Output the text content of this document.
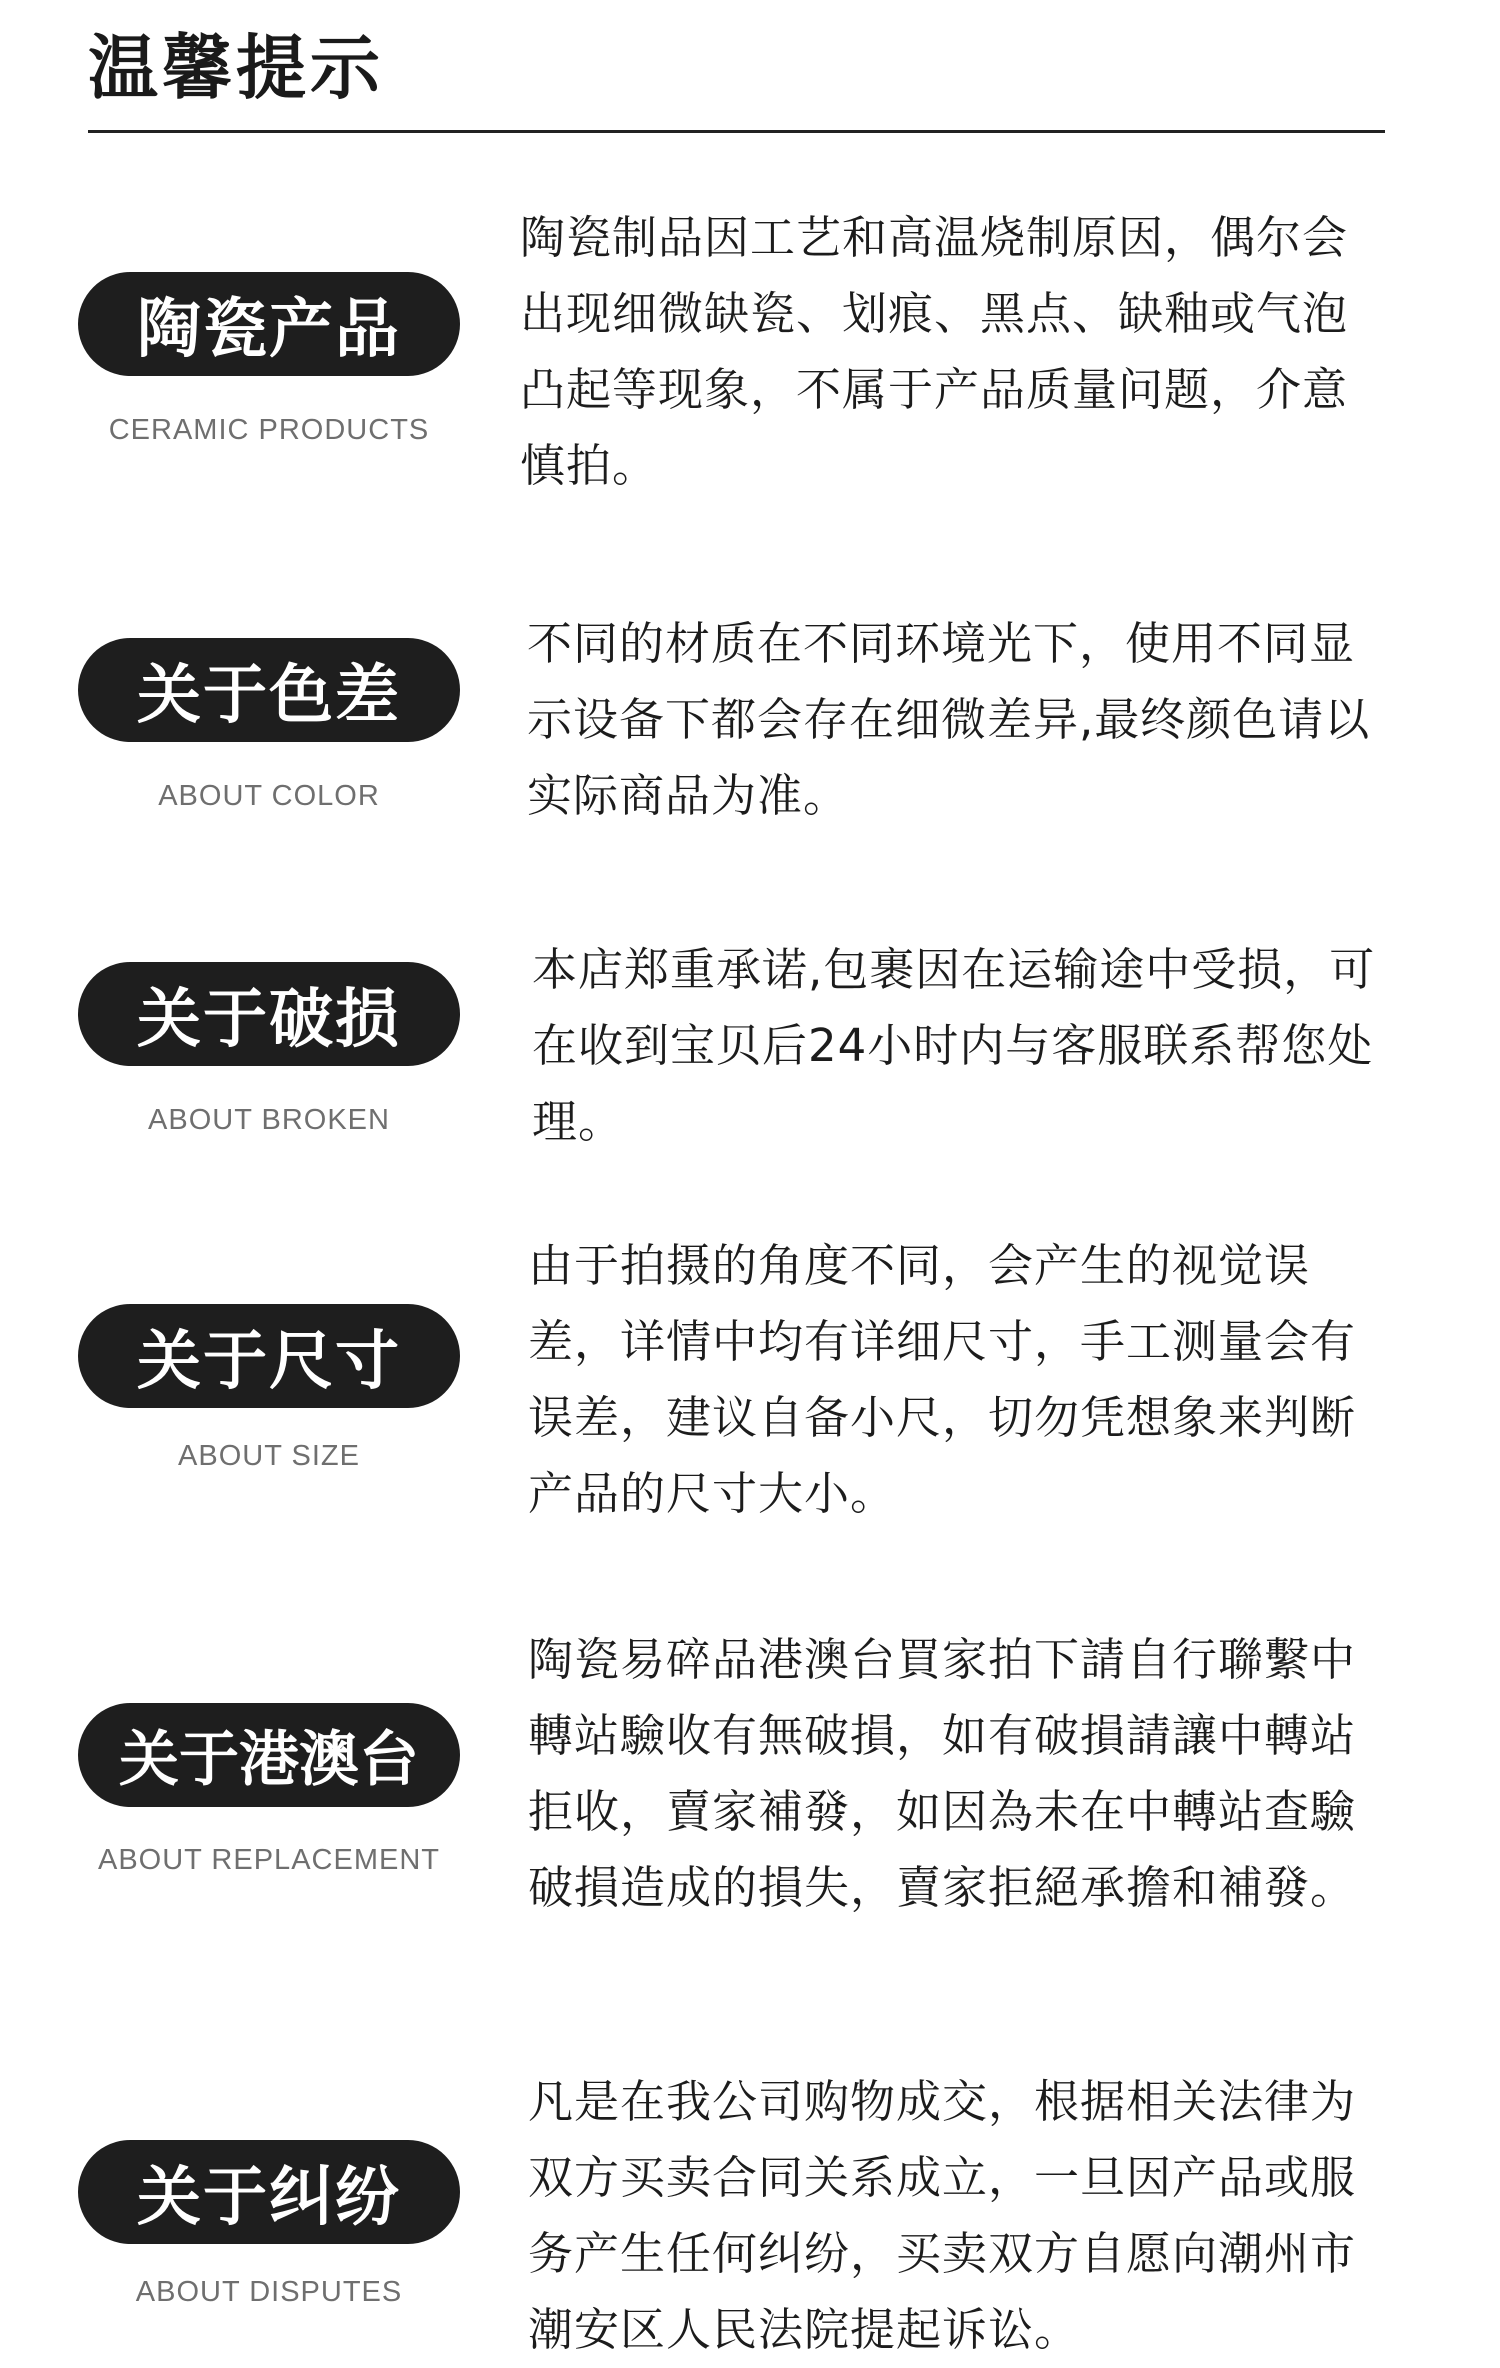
温馨提示
陶瓷产品
CERAMIC PRODUCTS
陶瓷制品因工艺和高温烧制原因，偶尔会出现细微缺瓷、划痕、黑点、缺釉或气泡凸起等现象，不属于产品质量问题，介意慎拍。
关于色差
ABOUT COLOR
不同的材质在不同环境光下，使用不同显示设备下都会存在细微差异,最终颜色请以实际商品为准。
关于破损
ABOUT BROKEN
本店郑重承诺,包裹因在运输途中受损，可在收到宝贝后24小时内与客服联系帮您处理。
关于尺寸
ABOUT SIZE
由于拍摄的角度不同，会产生的视觉误差，详情中均有详细尺寸，手工测量会有误差，建议自备小尺，切勿凭想象来判断产品的尺寸大小。
关于港澳台
ABOUT REPLACEMENT
陶瓷易碎品港澳台買家拍下請自行聯繫中轉站驗收有無破損，如有破損請讓中轉站拒收，賣家補發，如因為未在中轉站查驗破損造成的損失，賣家拒絕承擔和補發。
关于纠纷
ABOUT DISPUTES
凡是在我公司购物成交，根据相关法律为双方买卖合同关系成立，一旦因产品或服务产生任何纠纷，买卖双方自愿向潮州市潮安区人民法院提起诉讼。
